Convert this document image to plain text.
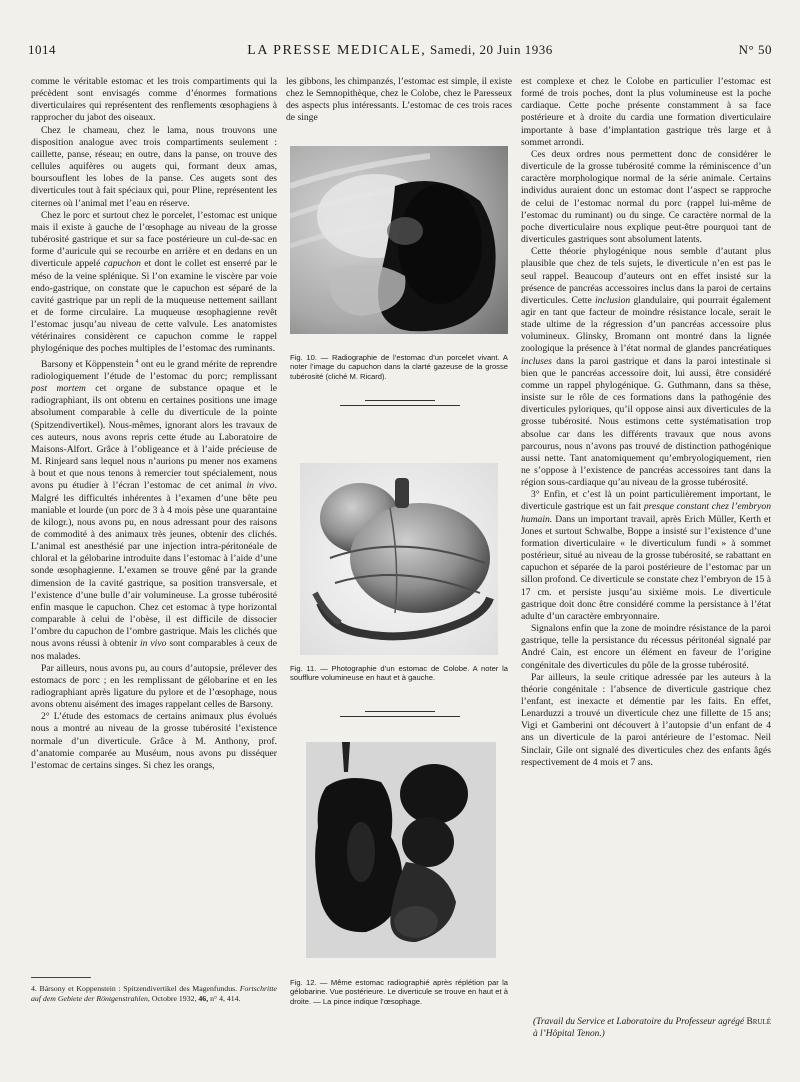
1014	LA PRESSE MEDICALE, Samedi, 20 Juin 1936	N° 50

comme le véritable estomac et les trois compartiments qui la précèdent sont envisagés comme d’énormes formations diverticulaires qui représentent des renflements œsophagiens à rapprocher du jabot des oiseaux.

Chez le chameau, chez le lama, nous trouvons une disposition analogue avec trois compartiments seulement : caillette, panse, réseau; en outre, dans la panse, on trouve des cellules aquifères ou augets qui, formant deux amas, boursouflent les lobes de la panse. Ces augets sont des diverticules tout à fait spéciaux qui, pour Pline, représentent les citernes où l’animal met l’eau en réserve.

Chez le porc et surtout chez le porcelet, l’estomac est unique mais il existe à gauche de l’œsophage au niveau de la grosse tubérosité gastrique et sur sa face postérieure un cul-de-sac en forme d’auricule qui se recourbe en arrière et en dedans en un diverticule appelé capuchon et dont le collet est enserré par le méso de la veine splénique. Si l’on examine le viscère par voie endo-gastrique, on constate que le capuchon est séparé de la cavité gastrique par un repli de la muqueuse nettement saillant et de forme circulaire. La muqueuse œsophagienne revêt l’estomac jusqu’au niveau de cette valvule. Les anatomistes vétérinaires considèrent ce capuchon comme le rappel phylogénique des poches multiples de l’estomac des ruminants.

Barsony et Köppenstein  $^4$ ont eu le grand mérite de reprendre radiologiquement l’étude de l’estomac du porc; remplissant post mortem cet organe de substance opaque et le radiographiant, ils ont obtenu en certaines positions une image absolument comparable à celle du diverticule de la pointe (Spitzendivertikel). Nous-mêmes, ignorant alors les travaux de ces auteurs, nous avons repris cette étude au Laboratoire de Maisons-Alfort. Grâce à l’obligeance et à l’aide précieuse de M. Rinjeard sans lequel nous n’aurions pu mener nos examens à bout et que nous tenons à remercier tout spécialement, nous avons pu étudier à l’écran l’estomac de cet animal in vivo. Malgré les difficultés inhérentes à l’examen d’une bête peu maniable et lourde (un porc de 3 à 4 mois pèse une quarantaine de kilogr.), nous avons pu, en nous adressant pour des raisons de commodité à des animaux très jeunes, obtenir des clichés. L’animal est anesthésié par une injection intra-péritonéale de chloral et la gélobarine introduite dans l’estomac à l’aide d’une sonde œsophagienne. L’examen se trouve gêné par la grande dimension de la cavité gastrique, sa position transversale, et l’existence d’une bulle d’air volumineuse. La grosse tubérosité enfin masque le capuchon. Chez cet estomac à type horizontal comparable à celui de l’obèse, il est difficile de dissocier l’ombre du capuchon de l’ombre gastrique. Mais les clichés que nous avons réussi à obtenir in vivo sont comparables à ceux de nos malades.

Par ailleurs, nous avons pu, au cours d’autopsie, prélever des estomacs de porc ; en les remplissant de gélobarine et en les radiographiant après ligature du pylore et de l’œsophage, nous avons obtenu aisément des images rappelant celles de Barsony.

2° L’étude des estomacs de certains animaux plus évolués nous a montré au niveau de la grosse tubérosité l’existence normale d’un diverticule. Grâce à M. Anthony, prof. d’anatomie comparée au Muséum, nous avons pu disséquer l’estomac de certains singes. Si chez les orangs,

4. Bársony et Koppenstein : Spitzendivertikel des Magenfundus. Fortschritte auf dem Gebiete der Röntgenstrahlen, Octobre 1932, 46, n° 4, 414.

les gibbons, les chimpanzés, l’estomac est simple, il existe chez le Semnopithèque, chez le Colobe, chez le Paresseux des aspects plus intéressants. L’estomac de ces trois races de singe

Fig. 10. — Radiographie de l’estomac d’un porcelet vivant. A noter l’image du capuchon dans la clarté gazeuse de la grosse tubérosité (cliché M. Ricard).
Fig. 11. — Photographie d’un estomac de Colobe. A noter la soufflure volumineuse en haut et à gauche.
Fig. 12. — Même estomac radiographié après réplétion par la gélobarine. Vue postérieure. Le diverticule se trouve en haut et à droite. — La pince indique l’œsophage.

est complexe et chez le Colobe en particulier l’estomac est formé de trois poches, dont la plus volumineuse est la poche cardiaque. Cette poche présente constamment à sa face postérieure et à droite du cardia une formation diverticulaire importante à base d’implantation gastrique très large et à sommet arrondi.

Ces deux ordres nous permettent donc de considérer le diverticule de la grosse tubérosité comme la réminiscence d’un caractère morphologique normal de la série animale. Certains individus auraient donc un estomac dont l’aspect se rapproche de celui de l’estomac normal du porc (rappel lui-même de l’estomac du ruminant) ou du singe. Ce caractère normal de la poche diverticulaire nous explique peut-être pourquoi tant de diverticules gastriques sont absolument latents.

Cette théorie phylogénique nous semble d’autant plus plausible que chez de tels sujets, le diverticule n’en est pas le seul rappel. Beaucoup d’auteurs ont en effet insisté sur la présence de pancréas accessoires inclus dans la paroi de certains diverticules. Cette inclusion glandulaire, qui pourrait également agir en tant que facteur de moindre résistance locale, serait le stade ultime de la régression d’un pancréas accessoire plus volumineux. Glinsky, Bromann ont montré dans la lignée zoologique la présence à l’état normal de glandes pancréatiques incluses dans la paroi gastrique et dans la paroi intestinale si bien que le pancréas accessoire doit, lui aussi, être considéré comme un rappel phylogénique. G. Guthmann, dans sa thèse, insiste sur le rôle de ces formations dans la pathogénie des diverticules pyloriques, qu’il oppose ainsi aux diverticules de la grosse tubérosité. Nous estimons cette systématisation trop absolue car dans les différents travaux que nous avons parcourus, nous n’avons pas trouvé de distinction pathogénique aussi nette. Tant anatomiquement qu’embryologiquement, rien ne s’oppose à l’existence de pancréas accessoires tant dans la région sous-cardiaque qu’au niveau de la grosse tubérosité.

3° Enfin, et c’est là un point particulièrement important, le diverticule gastrique est un fait presque constant chez l’embryon humain. Dans un important travail, après Erich Müller, Kerth et Jones et surtout Schwalbe, Boppe a insisté sur l’existence d’une formation diverticulaire « le diverticulum fundi » à sommet postérieur, situé au niveau de la grosse tubérosité, se rabattant en capuchon et séparée de la paroi postérieure de l’estomac par un sillon profond. Ce diverticule se constate chez l’embryon de 15 à 17 cm. et persiste jusqu’au sixième mois. Le diverticule gastrique doit donc être considéré comme la persistance à l’état adulte d’un caractère embryonnaire.

Signalons enfin que la zone de moindre résistance de la paroi gastrique, telle la persistance du récessus péritonéal signalé par André Cain, est encore un élément en faveur de l’origine congénitale des diverticules du pôle de la grosse tubérosité.

Par ailleurs, la seule critique adressée par les auteurs à la théorie congénitale : l’absence de diverticule gastrique chez l’enfant, est inexacte et démentie par les faits. En effet, Lenarduzzi a trouvé un diverticule chez une fillette de 15 ans; Vigi et Gamberini ont découvert à l’autopsie d’un enfant de 4 ans un diverticule de la paroi antérieure de l’estomac. Neil Sinclair, Gile ont signalé des diverticules chez des enfants âgés respectivement de 4 mois et 7 ans.

(Travail du Service et Laboratoire du Professeur agrégé Brulé à l’Hôpital Tenon.)
